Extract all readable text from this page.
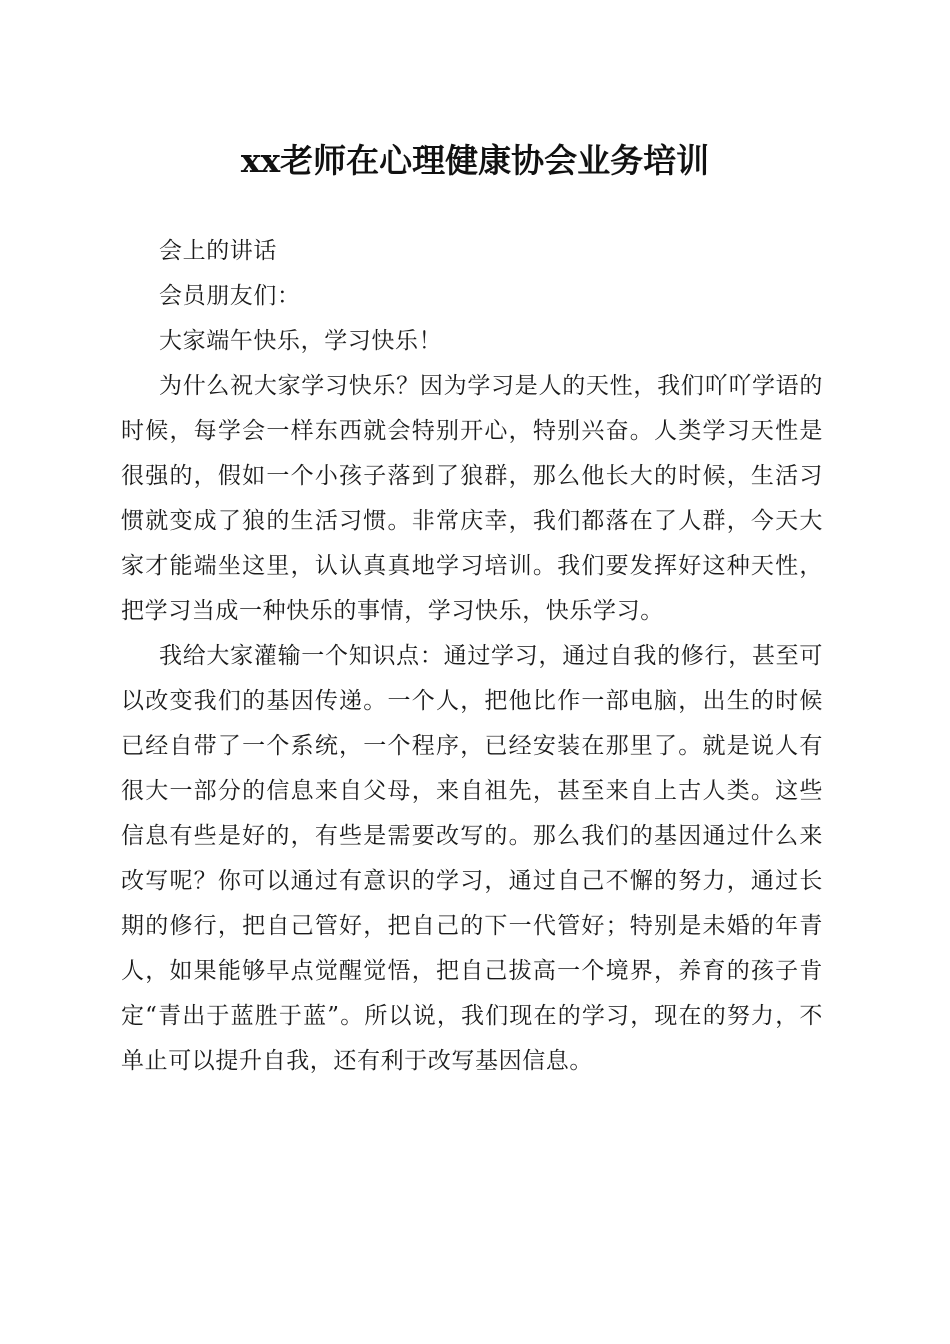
xx老师在心理健康协会业务培训

会上的讲话

会员朋友们：

大家端午快乐，学习快乐！

为什么祝大家学习快乐？因为学习是人的天性，我们吖吖学语的时候，每学会一样东西就会特别开心，特别兴奋。人类学习天性是很强的，假如一个小孩子落到了狼群，那么他长大的时候，生活习惯就变成了狼的生活习惯。非常庆幸，我们都落在了人群，今天大家才能端坐这里，认认真真地学习培训。我们要发挥好这种天性，把学习当成一种快乐的事情，学习快乐，快乐学习。

我给大家灌输一个知识点：通过学习，通过自我的修行，甚至可以改变我们的基因传递。一个人，把他比作一部电脑，出生的时候已经自带了一个系统，一个程序，已经安装在那里了。就是说人有很大一部分的信息来自父母，来自祖先，甚至来自上古人类。这些信息有些是好的，有些是需要改写的。那么我们的基因通过什么来改写呢？你可以通过有意识的学习，通过自己不懈的努力，通过长期的修行，把自己管好，把自己的下一代管好；特别是未婚的年青人，如果能够早点觉醒觉悟，把自己拔高一个境界，养育的孩子肯定“青出于蓝胜于蓝”。所以说，我们现在的学习，现在的努力，不单止可以提升自我，还有利于改写基因信息。
